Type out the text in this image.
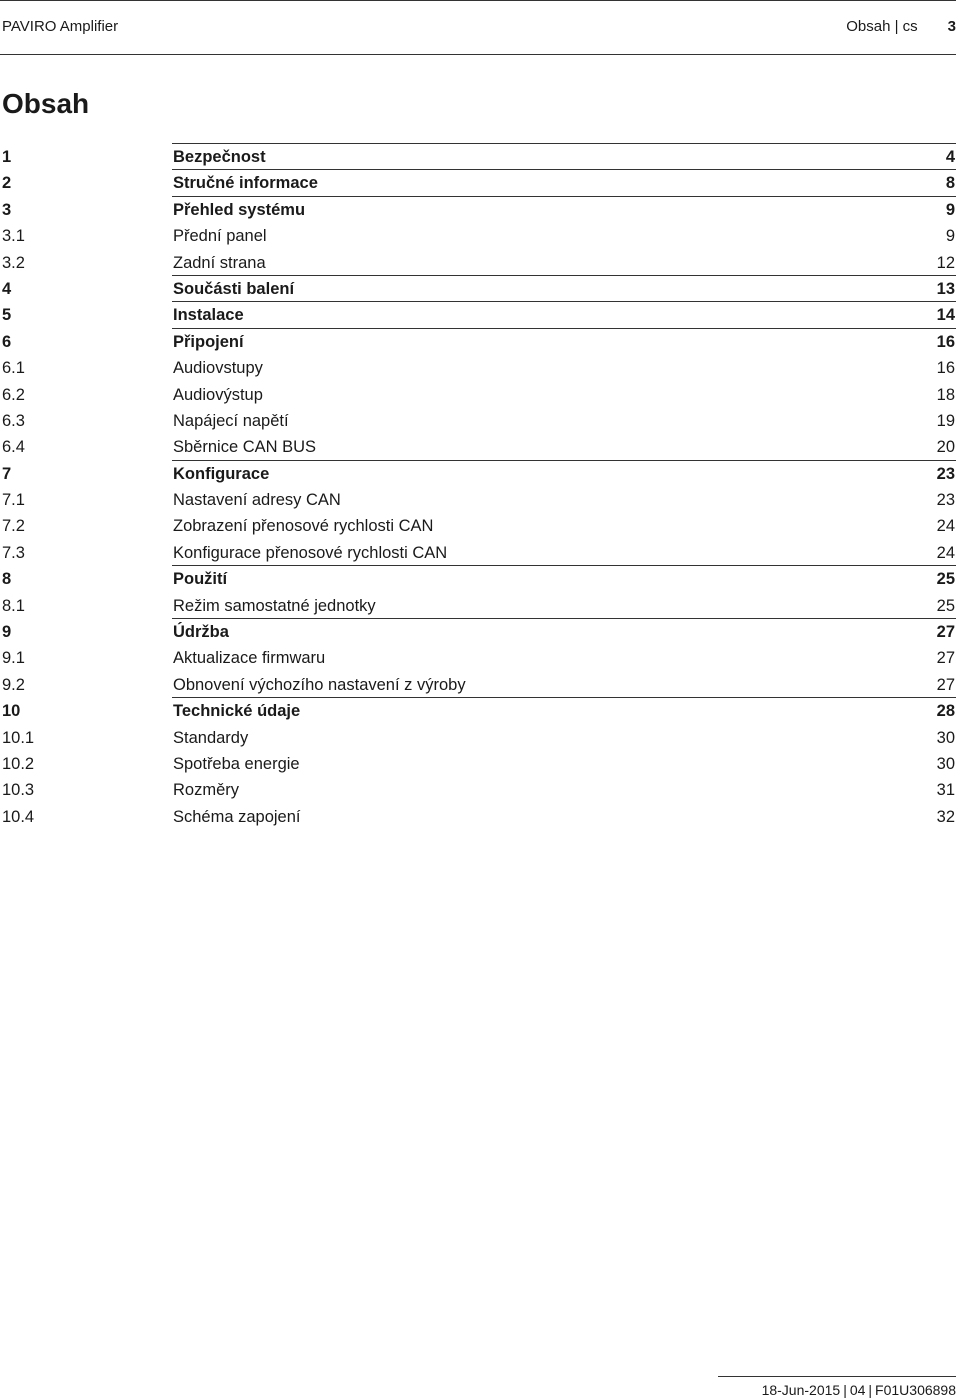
PAVIRO Amplifier	Obsah | cs 3
Obsah
1	Bezpečnost	4
2	Stručné informace	8
3	Přehled systému	9
3.1	Přední panel	9
3.2	Zadní strana	12
4	Součásti balení	13
5	Instalace	14
6	Připojení	16
6.1	Audiovstupy	16
6.2	Audiovýstup	18
6.3	Napájecí napětí	19
6.4	Sběrnice CAN BUS	20
7	Konfigurace	23
7.1	Nastavení adresy CAN	23
7.2	Zobrazení přenosové rychlosti CAN	24
7.3	Konfigurace přenosové rychlosti CAN	24
8	Použití	25
8.1	Režim samostatné jednotky	25
9	Údržba	27
9.1	Aktualizace firmwaru	27
9.2	Obnovení výchozího nastavení z výroby	27
10	Technické údaje	28
10.1	Standardy	30
10.2	Spotřeba energie	30
10.3	Rozměry	31
10.4	Schéma zapojení	32
18-Jun-2015 | 04 | F01U306898
